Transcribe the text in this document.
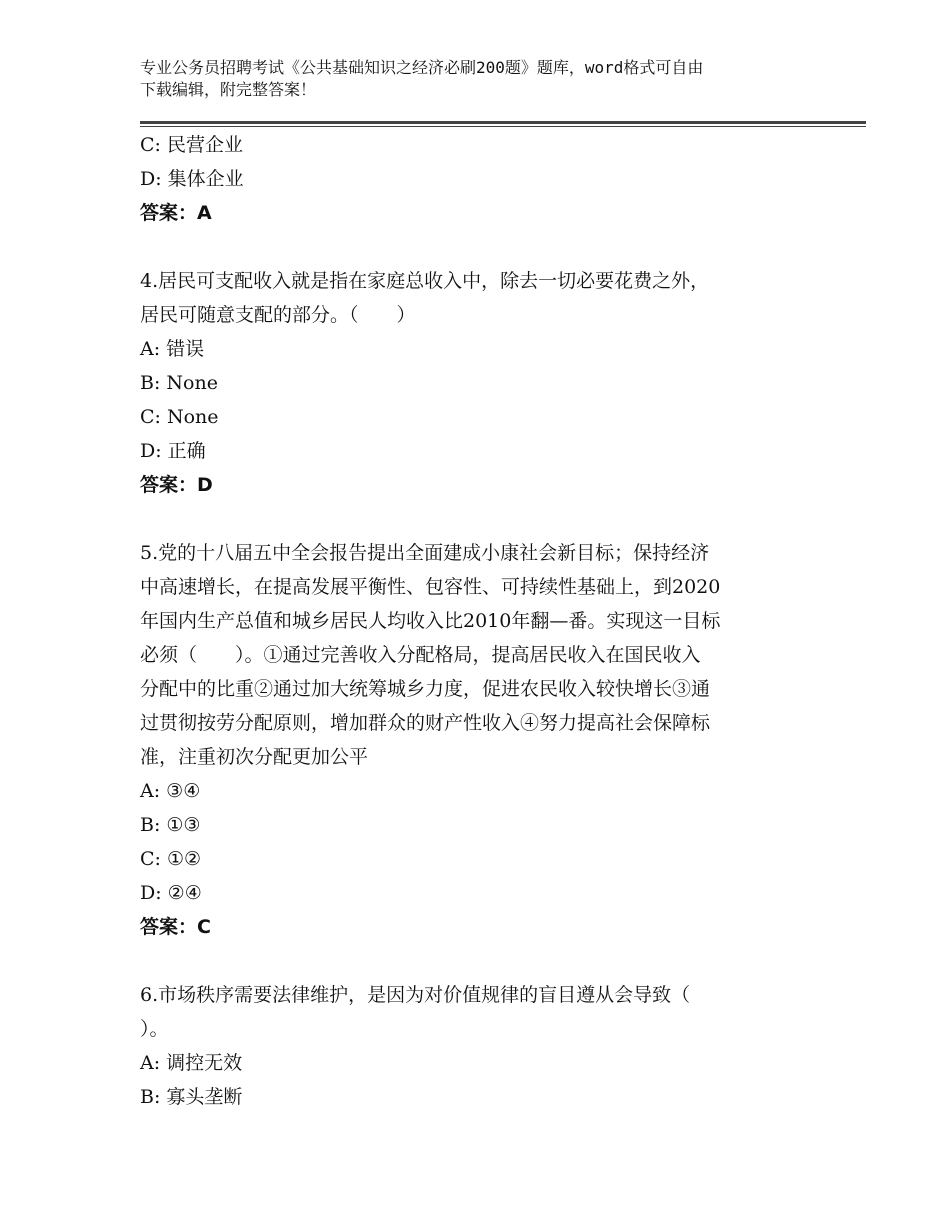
专业公务员招聘考试《公共基础知识之经济必刷200题》题库，word格式可自由
下载编辑，附完整答案！
C: 民营企业
D: 集体企业
答案：A
4.居民可支配收入就是指在家庭总收入中，除去一切必要花费之外，
居民可随意支配的部分。（　　）
A: 错误
B: None
C: None
D: 正确
答案：D
5.党的十八届五中全会报告提出全面建成小康社会新目标；保持经济
中高速增长，在提高发展平衡性、包容性、可持续性基础上，到2020
年国内生产总值和城乡居民人均收入比2010年翻—番。实现这一目标
必须（　　）。①通过完善收入分配格局，提高居民收入在国民收入
分配中的比重②通过加大统筹城乡力度，促进农民收入较快增长③通
过贯彻按劳分配原则，增加群众的财产性收入④努力提高社会保障标
准，注重初次分配更加公平
A: ③④
B: ①③
C: ①②
D: ②④
答案：C
6.市场秩序需要法律维护，是因为对价值规律的盲目遵从会导致（
）。
A: 调控无效
B: 寡头垄断
